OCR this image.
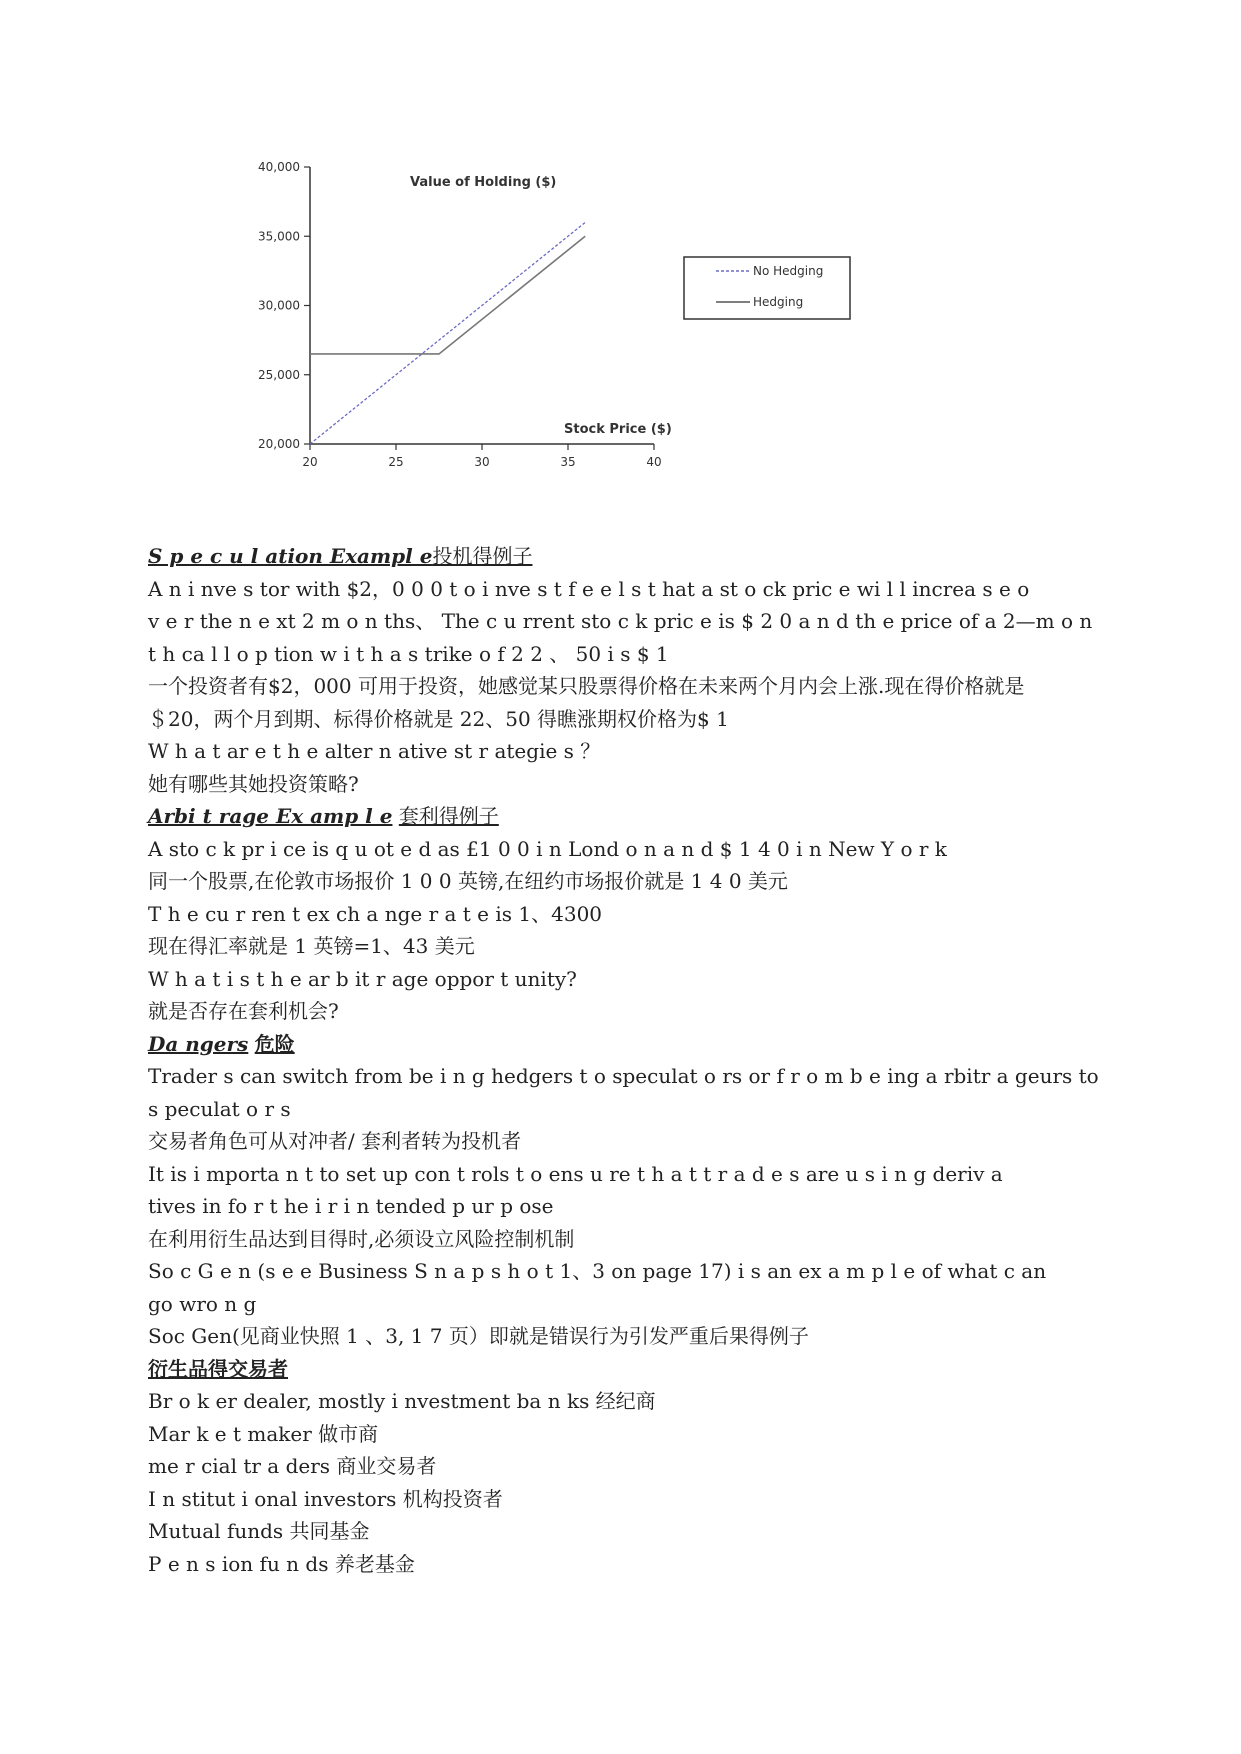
20,000
25,000
30,000
35,000
40,000
20	25	30	35	40
Value of Holding ($)
Stock Price ($)
No Hedging
Hedging
S p e c u l ation Exampl e投机得例子
A n i nve s tor with $2，0 0 0 t o i nve s t f e e l s t hat a st o ck pric e wi l l increa s e o
v e r the n e xt 2 m o n ths、 The c u rrent sto c k pric e is $ 2 0 a n d th e price of a 2—m o n
t h ca l l o p tion w i t h a s trike o f 2 2 、 50 i s $ 1
一个投资者有$2，000 可用于投资，她感觉某只股票得价格在未来两个月内会上涨.现在得价格就是
＄20，两个月到期、标得价格就是 22、50 得瞧涨期权价格为$ 1
W h a t ar e t h e alter n ative st r ategie s ？
她有哪些其她投资策略?
Arbi t rage Ex amp l e 套利得例子
A sto c k pr i ce is q u ot e d as £1 0 0 i n Lond o n a n d $ 1 4 0 i n New Y o r k
同一个股票,在伦敦市场报价 1 0 0 英镑,在纽约市场报价就是 1 4 0 美元
T h e cu r ren t ex ch a nge r a t e is 1、4300
现在得汇率就是 1 英镑=1、43 美元
W h a t i s t h e ar b it r age oppor t unity?
就是否存在套利机会?
Da ngers 危险
Trader s can switch from be i n g hedgers t o speculat o rs or f r o m b e ing a rbitr a geurs to
s peculat o r s
交易者角色可从对冲者/ 套利者转为投机者
It is i mporta n t to set up con t rols t o ens u re t h a t t r a d e s are u s i n g deriv a
tives in fo r t he i r i n tended p ur p ose
在利用衍生品达到目得时,必须设立风险控制机制
So c G e n (s e e Business S n a p s h o t 1、3 on page 17) i s an ex a m p l e of what c an
go wro n g
Soc Gen(见商业快照 1 、3, 1 7 页）即就是错误行为引发严重后果得例子
衍生品得交易者
Br o k er dealer, mostly i nvestment ba n ks 经纪商
Mar k e t maker 做市商
me r cial tr a ders 商业交易者
I n stitut i onal investors 机构投资者
Mutual funds 共同基金
P e n s ion fu n ds 养老基金
